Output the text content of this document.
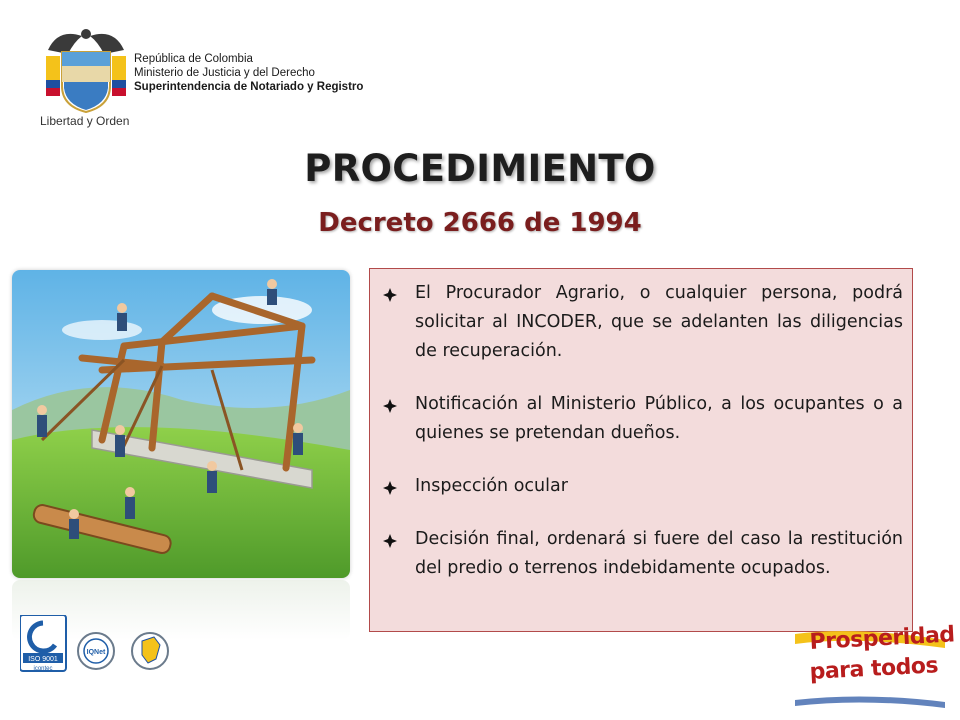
Libertad y Orden
República de Colombia
Ministerio de Justicia y del Derecho
Superintendencia de Notariado y Registro
PROCEDIMIENTO
Decreto 2666 de 1994
El Procurador Agrario, o cualquier persona, podrá solicitar al INCODER, que se adelanten las diligencias de recuperación.
Notificación al Ministerio Público, a los ocupantes o a quienes se pretendan dueños.
Inspección ocular
Decisión final, ordenará si fuere del caso la restitución del predio o terrenos indebidamente ocupados.
ISO 9001
icontec
IQNet	Prosperidad
para todos
